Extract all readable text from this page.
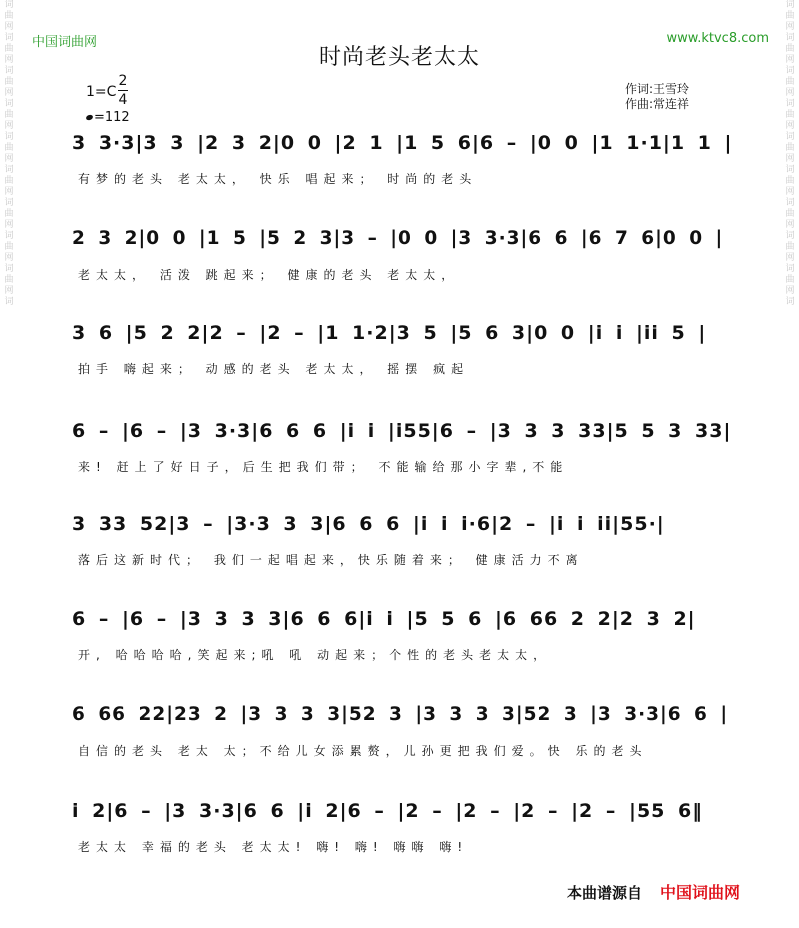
词
曲
网
词
曲
网
词
曲
网
词
曲
网
词
曲
网
词
曲
网
词
曲
网
词
曲
网
词
曲
网
词
词
曲
网
词
曲
网
词
曲
网
词
曲
网
词
曲
网
词
曲
网
词
曲
网
词
曲
网
词
曲
网
词
中国词曲网	www.ktvc8.com
时尚老头老太太
1=C
2
4
=112
作词:王雪玲
作曲:常连祥
3 3·3|3 3 |2 3 2|0 0 |2 1 |1 5 6|6 – |0 0 |1 1·1|1 1 |
有梦的老头 老太太， 快乐 唱起来； 时尚的老头
2 3 2|0 0 |1 5 |5 2 3|3 – |0 0 |3 3·3|6 6 |6 7 6|0 0 |
老太太， 活泼 跳起来； 健康的老头 老太太，
3 6 |5 2 2|2 – |2 – |1 1·2|3 5 |5 6 3|0 0 |i i |ii 5 |
拍手 嗨起来； 动感的老头 老太太， 摇摆 疯起
6 – |6 – |3 3·3|6 6 6 |i i |i55|6 – |3 3 3 33|5 5 3 33|
来! 赶上了好日子，后生把我们带； 不能输给那小字辈,不能
3 33 52|3 – |3·3 3 3|6 6 6 |i i i·6|2 – |i i ii|55·|
落后这新时代； 我们一起唱起来，快乐随着来； 健康活力不离
6 – |6 – |3 3 3 3|6 6 6|i i |5 5 6 |6 66 2 2|2 3 2|
开, 哈哈哈哈,笑起来;吼 吼 动起来；个性的老头老太太，
6 66 22|23 2 |3 3 3 3|52 3 |3 3 3 3|52 3 |3 3·3|6 6 |
自信的老头 老太 太；不给儿女添累赘，儿孙更把我们爱。快 乐的老头
i 2|6 – |3 3·3|6 6 |i 2|6 – |2 – |2 – |2 – |2 – |55 6‖
老太太 幸福的老头 老太太! 嗨! 嗨! 嗨嗨 嗨!
本曲谱源自 中国词曲网
